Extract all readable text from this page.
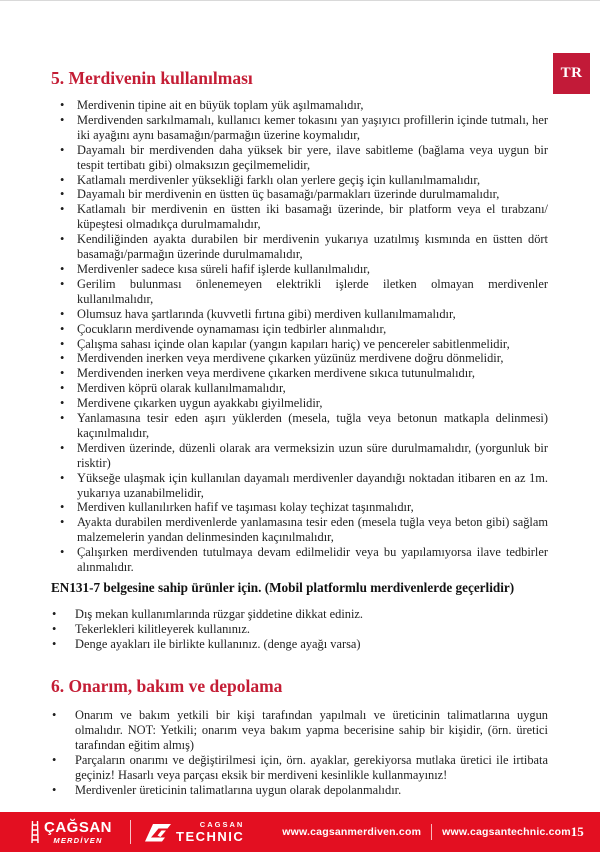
TR
5. Merdivenin kullanılması
• Merdivenin tipine ait en büyük toplam yük aşılmamalıdır,
• Merdivenden sarkılmamalı, kullanıcı kemer tokasını yan yaşıyıcı profillerin içinde tutmalı, her iki ayağını aynı basamağın/parmağın üzerine koymalıdır,
• Dayamalı bir merdivenden daha yüksek bir yere, ilave sabitleme (bağlama veya uygun bir tespit tertibatı gibi) olmaksızın geçilmemelidir,
• Katlamalı merdivenler yüksekliği farklı olan yerlere geçiş için kullanılmamalıdır,
• Dayamalı bir merdivenin en üstten üç basamağı/parmakları üzerinde durulmamalıdır,
• Katlamalı bir merdivenin en üstten iki basamağı üzerinde, bir platform veya el tırabzanı/ küpeştesi olmadıkça durulmamalıdır,
• Kendiliğinden ayakta durabilen bir merdivenin yukarıya uzatılmış kısmında en üstten dört basamağı/parmağın üzerinde durulmamalıdır,
• Merdivenler sadece kısa süreli hafif işlerde kullanılmalıdır,
• Gerilim bulunması önlenemeyen elektrikli işlerde iletken olmayan merdivenler kullanılmalıdır,
• Olumsuz hava şartlarında (kuvvetli fırtına gibi) merdiven kullanılmamalıdır,
• Çocukların merdivende oynamaması için tedbirler alınmalıdır,
• Çalışma sahası içinde olan kapılar (yangın kapıları hariç) ve pencereler sabitlenmelidir,
• Merdivenden inerken veya merdivene çıkarken yüzünüz merdivene doğru dönmelidir,
• Merdivenden inerken veya merdivene çıkarken merdivene sıkıca tutunulmalıdır,
• Merdiven köprü olarak kullanılmamalıdır,
• Merdivene çıkarken uygun ayakkabı giyilmelidir,
• Yanlamasına tesir eden aşırı yüklerden (mesela, tuğla veya betonun matkapla delinmesi) kaçınılmalıdır,
• Merdiven üzerinde, düzenli olarak ara vermeksizin uzun süre durulmamalıdır, (yorgunluk bir risktir)
• Yükseğe ulaşmak için kullanılan dayamalı merdivenler dayandığı noktadan itibaren en az 1m. yukarıya uzanabilmelidir,
• Merdiven kullanılırken hafif ve taşıması kolay teçhizat taşınmalıdır,
• Ayakta durabilen merdivenlerde yanlamasına tesir eden (mesela tuğla veya beton gibi) sağlam malzemelerin yandan delinmesinden kaçınılmalıdır,
• Çalışırken merdivenden tutulmaya devam edilmelidir veya bu yapılamıyorsa ilave tedbirler alınmalıdır.
EN131-7 belgesine sahip ürünler için. (Mobil platformlu merdivenlerde geçerlidir)
• Dış mekan kullanımlarında rüzgar şiddetine dikkat ediniz.
• Tekerlekleri kilitleyerek kullanınız.
• Denge ayakları ile birlikte kullanınız. (denge ayağı varsa)
6. Onarım, bakım ve depolama
• Onarım ve bakım yetkili bir kişi tarafından yapılmalı ve üreticinin talimatlarına uygun olmalıdır. NOT: Yetkili; onarım veya bakım yapma becerisine sahip bir kişidir, (örn. üretici tarafından eğitim almış)
• Parçaların onarımı ve değiştirilmesi için, örn. ayaklar, gerekiyorsa mutlaka üretici ile irtibata geçiniz! Hasarlı veya parçası eksik bir merdiveni kesinlikle kullanmayınız!
• Merdivenler üreticinin talimatlarına uygun olarak depolanmalıdır.
ÇAĞSAN
MERDİVEN
CAGSAN
TECHNIC	www.cagsanmerdiven.com www.cagsantechnic.com 15
